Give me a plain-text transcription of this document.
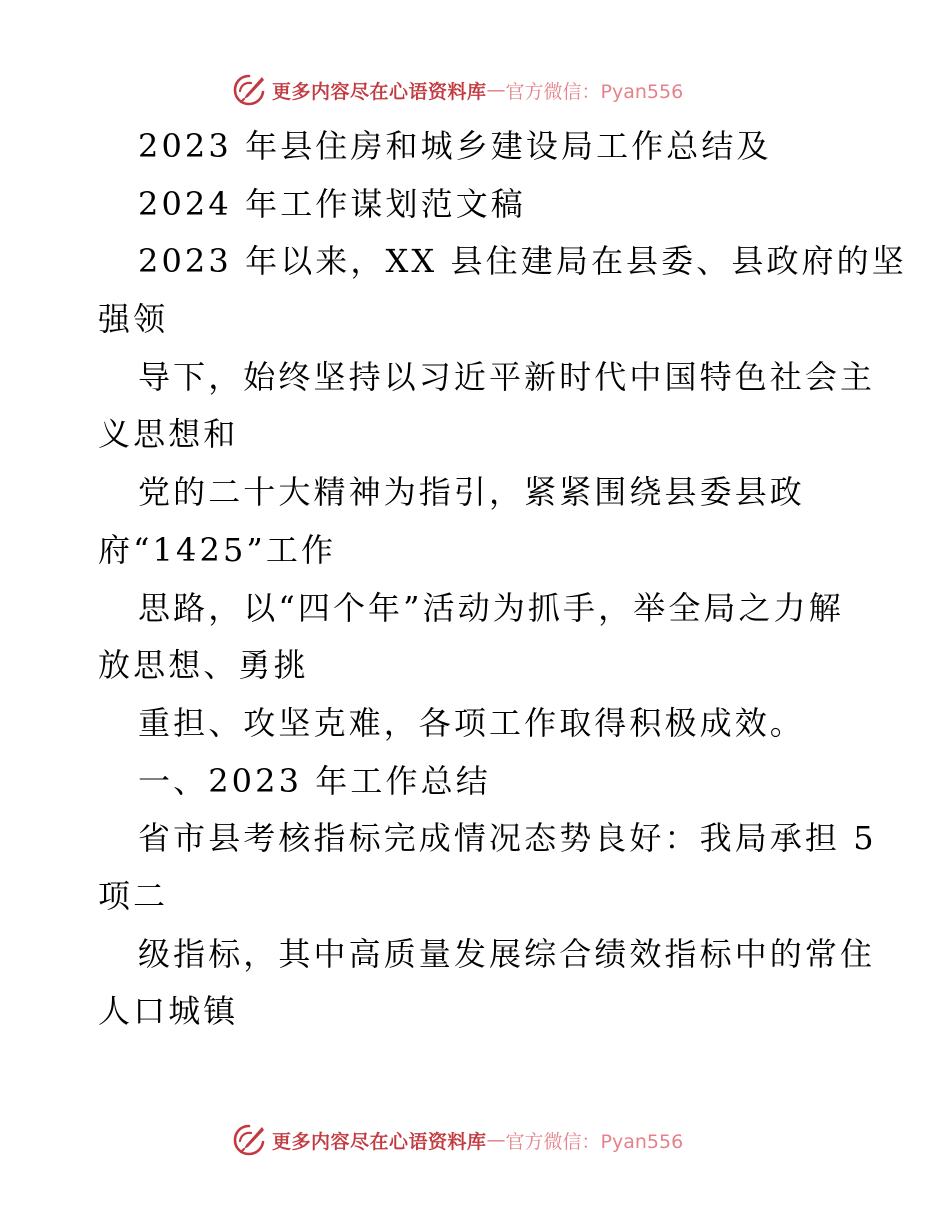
更多内容尽在心语资料库 — 官方微信：Pyan556
2023 年县住房和城乡建设局工作总结及
2024 年工作谋划范文稿
2023 年以来，XX 县住建局在县委、县政府的坚
强领
导下，始终坚持以习近平新时代中国特色社会主
义思想和
党的二十大精神为指引，紧紧围绕县委县政
府“1425”工作
思路，以“四个年”活动为抓手，举全局之力解
放思想、勇挑
重担、攻坚克难，各项工作取得积极成效。
一、2023 年工作总结
省市县考核指标完成情况态势良好：我局承担 5
项二
级指标，其中高质量发展综合绩效指标中的常住
人口城镇
更多内容尽在心语资料库 — 官方微信：Pyan556
